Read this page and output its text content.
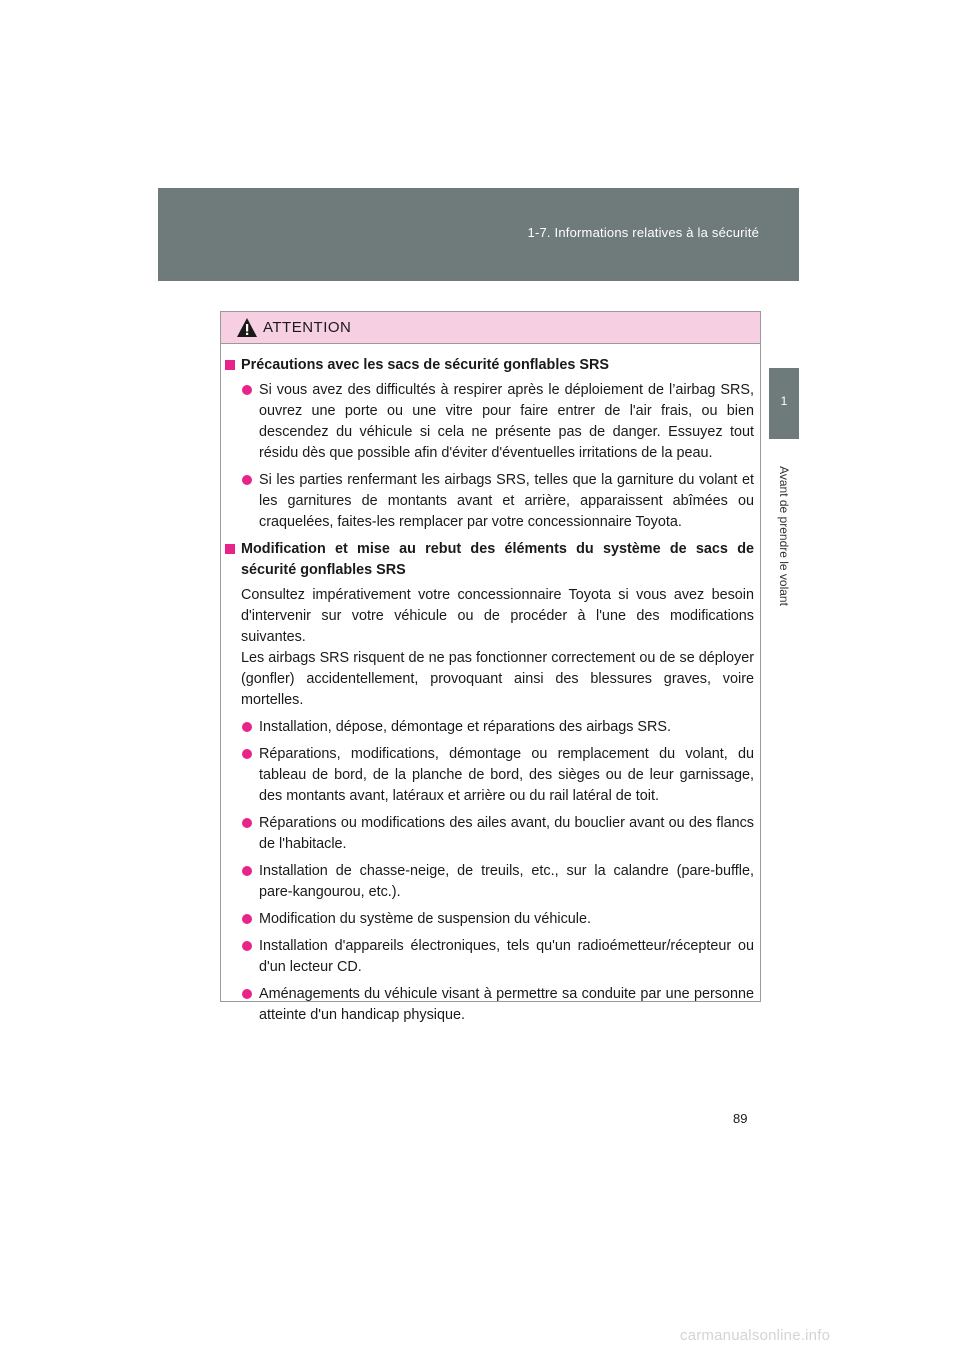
1-7. Informations relatives à la sécurité
1
Avant de prendre le volant
ATTENTION
Précautions avec les sacs de sécurité gonflables SRS
Si vous avez des difficultés à respirer après le déploiement de l’airbag SRS, ouvrez une porte ou une vitre pour faire entrer de l'air frais, ou bien descendez du véhicule si cela ne présente pas de danger. Essuyez tout résidu dès que possible afin d'éviter d'éventuelles irritations de la peau.
Si les parties renfermant les airbags SRS, telles que la garniture du volant et les garnitures de montants avant et arrière, apparaissent abîmées ou craquelées, faites-les remplacer par votre concessionnaire Toyota.
Modification et mise au rebut des éléments du système de sacs de sécurité gonflables SRS
Consultez impérativement votre concessionnaire Toyota si vous avez besoin d'intervenir sur votre véhicule ou de procéder à l'une des modifications suivantes.
Les airbags SRS risquent de ne pas fonctionner correctement ou de se déployer (gonfler) accidentellement, provoquant ainsi des blessures graves, voire mortelles.
Installation, dépose, démontage et réparations des airbags SRS.
Réparations, modifications, démontage ou remplacement du volant, du tableau de bord, de la planche de bord, des sièges ou de leur garnissage, des montants avant, latéraux et arrière ou du rail latéral de toit.
Réparations ou modifications des ailes avant, du bouclier avant ou des flancs de l'habitacle.
Installation de chasse-neige, de treuils, etc., sur la calandre (pare-buffle, pare-kangourou, etc.).
Modification du système de suspension du véhicule.
Installation d'appareils électroniques, tels qu'un radioémetteur/récepteur ou d'un lecteur CD.
Aménagements du véhicule visant à permettre sa conduite par une personne atteinte d'un handicap physique.
89
carmanualsonline.info
